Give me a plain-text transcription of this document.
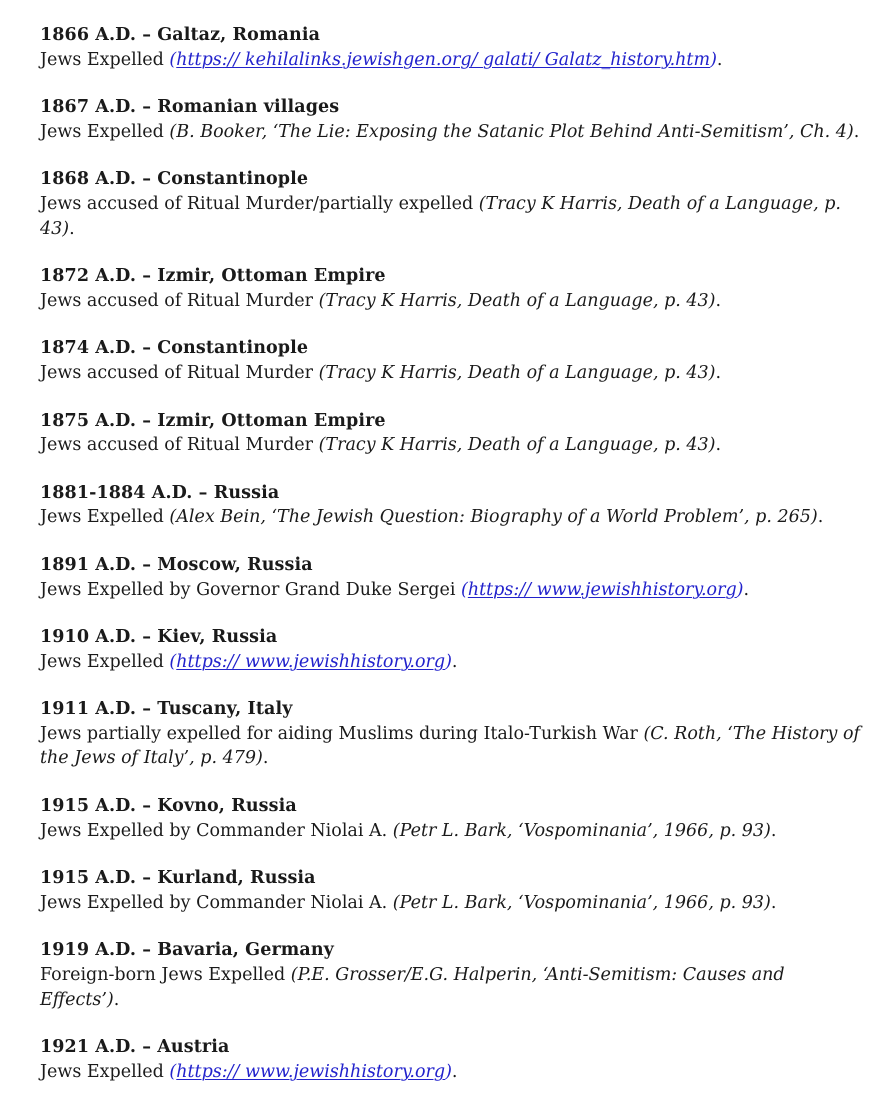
1866 A.D. – Galtaz, Romania

Jews Expelled (https:// kehilalinks.jewishgen.org/ galati/ Galatz_history.htm).

1867 A.D. – Romanian villages

Jews Expelled (B. Booker, ‘The Lie: Exposing the Satanic Plot Behind Anti-Semitism’, Ch. 4).

1868 A.D. – Constantinople

Jews accused of Ritual Murder/partially expelled (Tracy K Harris, Death of a Language, p.
43).

1872 A.D. – Izmir, Ottoman Empire

Jews accused of Ritual Murder (Tracy K Harris, Death of a Language, p. 43).

1874 A.D. – Constantinople

Jews accused of Ritual Murder (Tracy K Harris, Death of a Language, p. 43).

1875 A.D. – Izmir, Ottoman Empire

Jews accused of Ritual Murder (Tracy K Harris, Death of a Language, p. 43).

1881-1884 A.D. – Russia

Jews Expelled (Alex Bein, ‘The Jewish Question: Biography of a World Problem’, p. 265).

1891 A.D. – Moscow, Russia

Jews Expelled by Governor Grand Duke Sergei (https:// www.jewishhistory.org).

1910 A.D. – Kiev, Russia

Jews Expelled (https:// www.jewishhistory.org).

1911 A.D. – Tuscany, Italy

Jews partially expelled for aiding Muslims during Italo-Turkish War (C. Roth, ‘The History of
the Jews of Italy’, p. 479).

1915 A.D. – Kovno, Russia

Jews Expelled by Commander Niolai A. (Petr L. Bark, ‘Vospominania’, 1966, p. 93).

1915 A.D. – Kurland, Russia

Jews Expelled by Commander Niolai A. (Petr L. Bark, ‘Vospominania’, 1966, p. 93).

1919 A.D. – Bavaria, Germany

Foreign-born Jews Expelled (P.E. Grosser/E.G. Halperin, ‘Anti-Semitism: Causes and
Effects’).

1921 A.D. – Austria

Jews Expelled (https:// www.jewishhistory.org).
